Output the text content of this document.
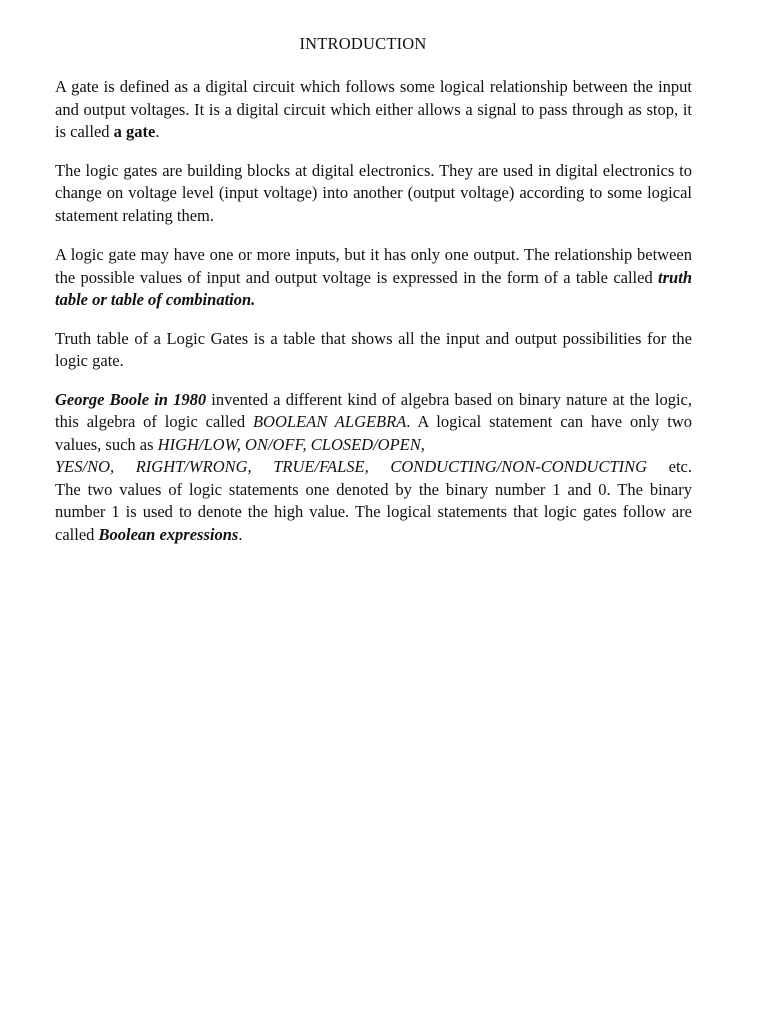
INTRODUCTION

A gate is defined as a digital circuit which follows some logical relationship between the input and output voltages. It is a digital circuit which either allows a signal to pass through as stop, it is called a gate.

The logic gates are building blocks at digital electronics. They are used in digital electronics to change on voltage level (input voltage) into another (output voltage) according to some logical statement relating them.

A logic gate may have one or more inputs, but it has only one output. The relationship between the possible values of input and output voltage is expressed in the form of a table called truth table or table of combination.

Truth table of a Logic Gates is a table that shows all the input and output possibilities for the logic gate.

George Boole in 1980 invented a different kind of algebra based on binary nature at the logic, this algebra of logic called BOOLEAN ALGEBRA. A logical statement can have only two values, such as HIGH/LOW, ON/OFF, CLOSED/OPEN,

YES/NO, RIGHT/WRONG, TRUE/FALSE, CONDUCTING/NON-CONDUCTING etc.
The two values of logic statements one denoted by the binary number 1 and 0. The binary number 1 is used to denote the high value. The logical statements that logic gates follow are called Boolean expressions.
